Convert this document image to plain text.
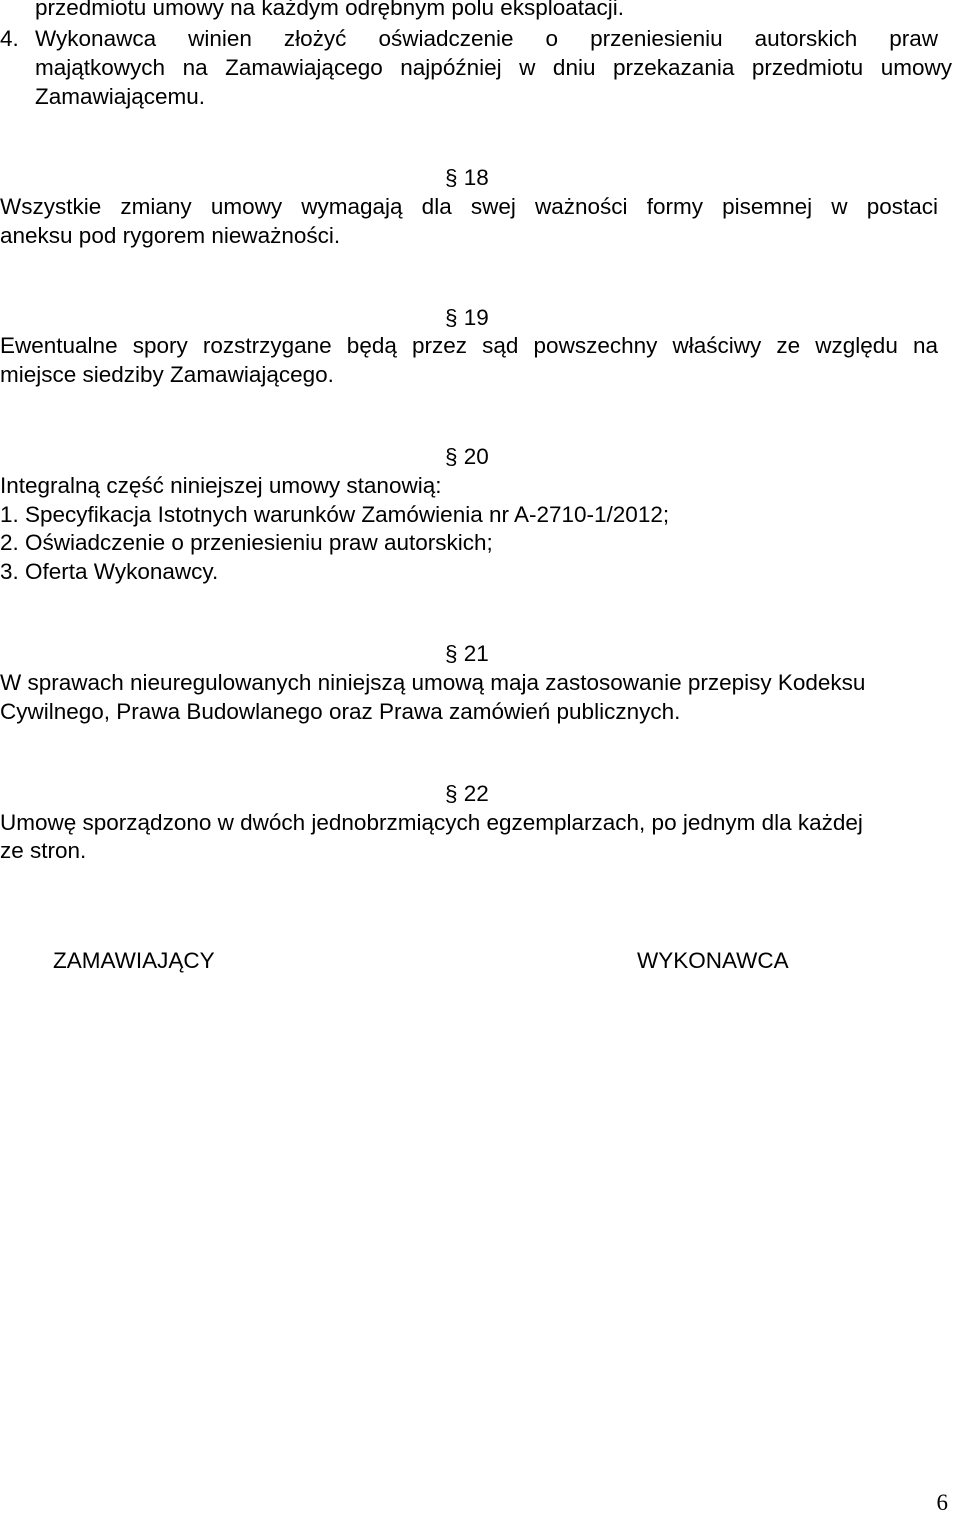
przedmiotu umowy na każdym odrębnym polu eksploatacji.
4. Wykonawca winien złożyć oświadczenie o przeniesieniu autorskich praw
majątkowych na Zamawiającego najpóźniej w dniu przekazania przedmiotu umowy
Zamawiającemu.
§ 18
Wszystkie zmiany umowy wymagają dla swej ważności formy pisemnej w postaci
aneksu pod rygorem nieważności.
§ 19
Ewentualne spory rozstrzygane będą przez sąd powszechny właściwy ze względu na
miejsce siedziby Zamawiającego.
§ 20
Integralną część niniejszej umowy stanowią:
1. Specyfikacja Istotnych warunków Zamówienia nr A-2710-1/2012;
2. Oświadczenie o przeniesieniu praw autorskich;
3. Oferta Wykonawcy.
§ 21
W sprawach nieuregulowanych niniejszą umową maja zastosowanie przepisy Kodeksu
Cywilnego, Prawa Budowlanego oraz Prawa zamówień publicznych.
§ 22
Umowę sporządzono w dwóch jednobrzmiących egzemplarzach, po jednym dla każdej
ze stron.
ZAMAWIAJĄCY	WYKONAWCA
6
